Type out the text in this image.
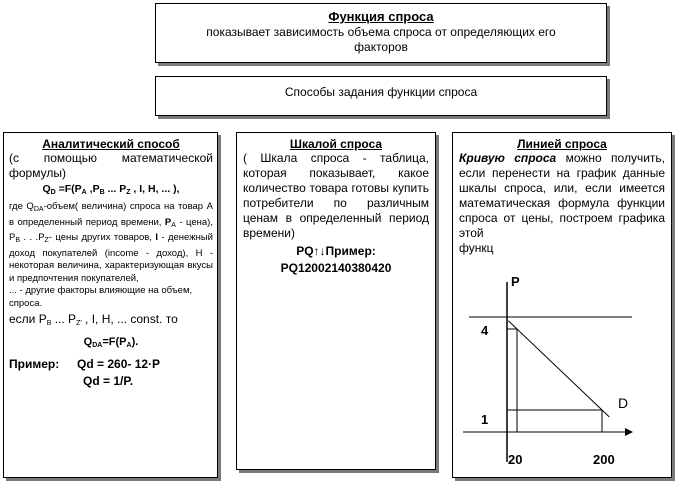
Функция спроса

показывает зависимость объема спроса от определяющих его

факторов

Способы задания функции спроса

Аналитический способ

(с помощью математической формулы)

$Q_D =F(P_A$ $,P_B$ ... $P_Z$ , I, H, ... ),

где $Q_{DA}-объем$( величина) спроса на товар А в определенный период времени, $P_A$ - цена), $P_B$ . . $.P_Z-$ цены других товаров, I - денежный доход покупателей (income - доход), Н - некоторая величина, характеризующая вкусы и предпочтения покупателей,

... - другие факторы влияющие на объем, спроса.

если $P_B$ ... $P_{Z'}$ , I, H, ... const. то

$Q_{DA}=F(P_A)$.

Пример: Qd = 260- 12·P
Qd = 1/P.

Шкалой спроса

( Шкала спроса - таблица, которая показывает, какое количество товара готовы купить потребители по различным ценам в определенный период времени)

PQ↑↓Пример:

PQ12002140380420

Линией спроса

Кривую спроса можно получить, если перенести на график данные шкалы спроса, или, если имеется математическая формула функции спроса от цены, построем графика этой

функц

D
4
1
20	200
P
